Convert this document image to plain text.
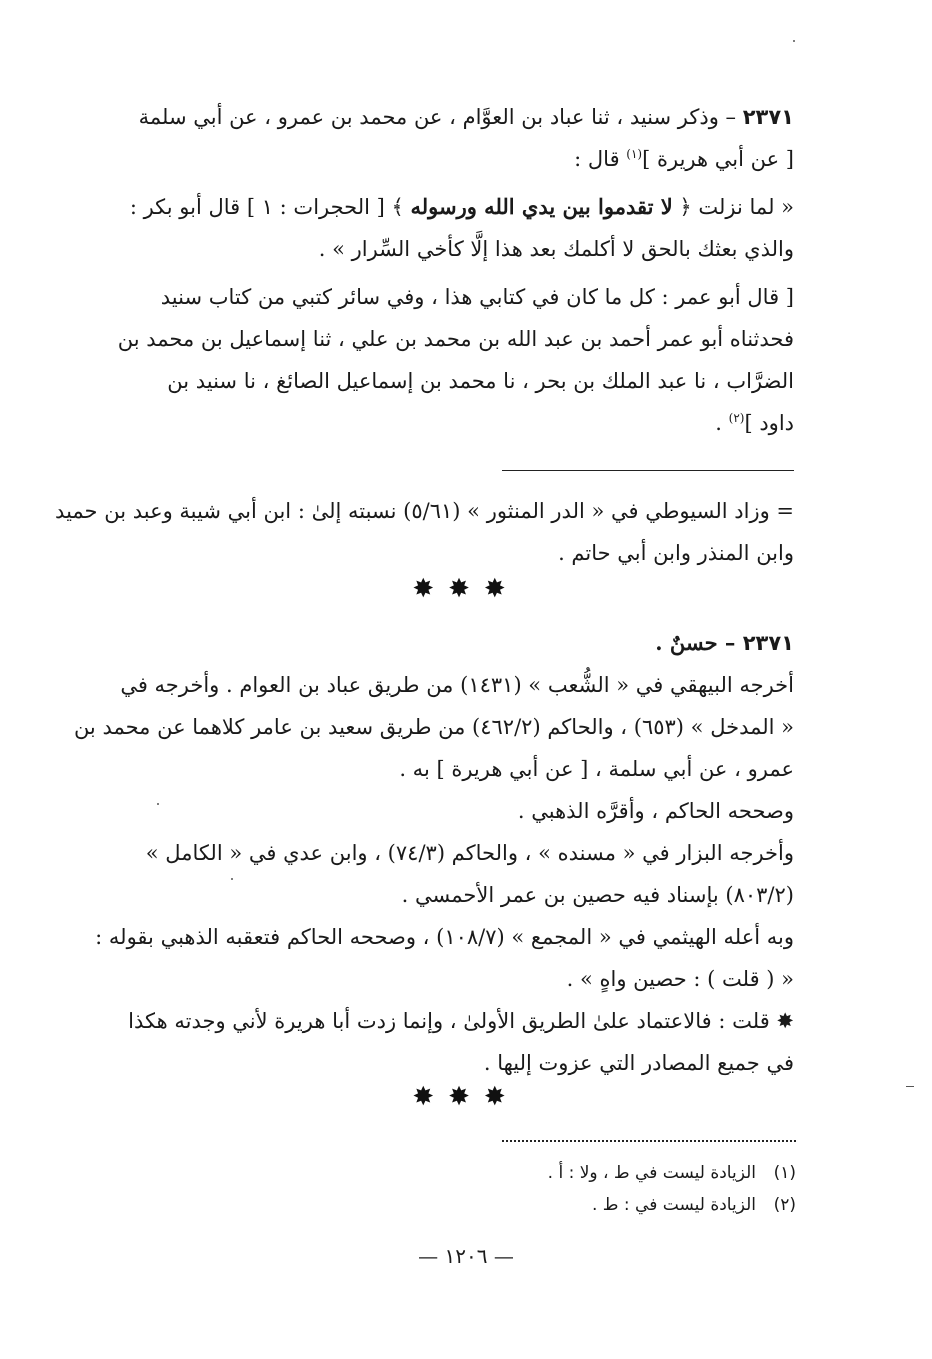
٢٣٧١ – وذكر سنيد ، ثنا عباد بن العوَّام ، عن محمد بن عمرو ، عن أبي سلمة
[ عن أبي هريرة ]$^{(١)}$ قال :
« لما نزلت ﴿ لا تقدموا بين يدي الله ورسوله ﴾ [ الحجرات : ١ ] قال أبو بكر :
والذي بعثك بالحق لا أكلمك بعد هذا إلَّا كأخي السِّرار » .
[ قال أبو عمر : كل ما كان في كتابي هذا ، وفي سائر كتبي من كتاب سنيد
فحدثناه أبو عمر أحمد بن عبد الله بن محمد بن علي ، ثنا إسماعيل بن محمد بن
الضرَّاب ، نا عبد الملك بن بحر ، نا محمد بن إسماعيل الصائغ ، نا سنيد بن
داود ]$^{(٢)}$ .
= وزاد السيوطي في « الدر المنثور » (٥/٦١) نسبته إلىٰ : ابن أبي شيبة وعبد بن حميد
وابن المنذر وابن أبي حاتم .
✸✸✸
٢٣٧١ – حسنٌ .
أخرجه البيهقي في « الشُّعب » (١٤٣١) من طريق عباد بن العوام . وأخرجه في
« المدخل » (٦٥٣) ، والحاكم (٤٦٢/٢) من طريق سعيد بن عامر كلاهما عن محمد بن
عمرو ، عن أبي سلمة ، [ عن أبي هريرة ] به .
وصححه الحاكم ، وأقرَّه الذهبي .
وأخرجه البزار في « مسنده » ، والحاكم (٧٤/٣) ، وابن عدي في « الكامل »
(٨٠٣/٢) بإسناد فيه حصين بن عمر الأحمسي .
وبه أعله الهيثمي في « المجمع » (١٠٨/٧) ، وصححه الحاكم فتعقبه الذهبي بقوله :
« ( قلت ) : حصين واهٍ » .
✸ قلت : فالاعتماد علىٰ الطريق الأولىٰ ، وإنما زدت أبا هريرة لأني وجدته هكذا
في جميع المصادر التي عزوت إليها .
✸✸✸
(١)الزيادة ليست في ط ، ولا : أ .
(٢)الزيادة ليست في : ط .
— ١٢٠٦ —
